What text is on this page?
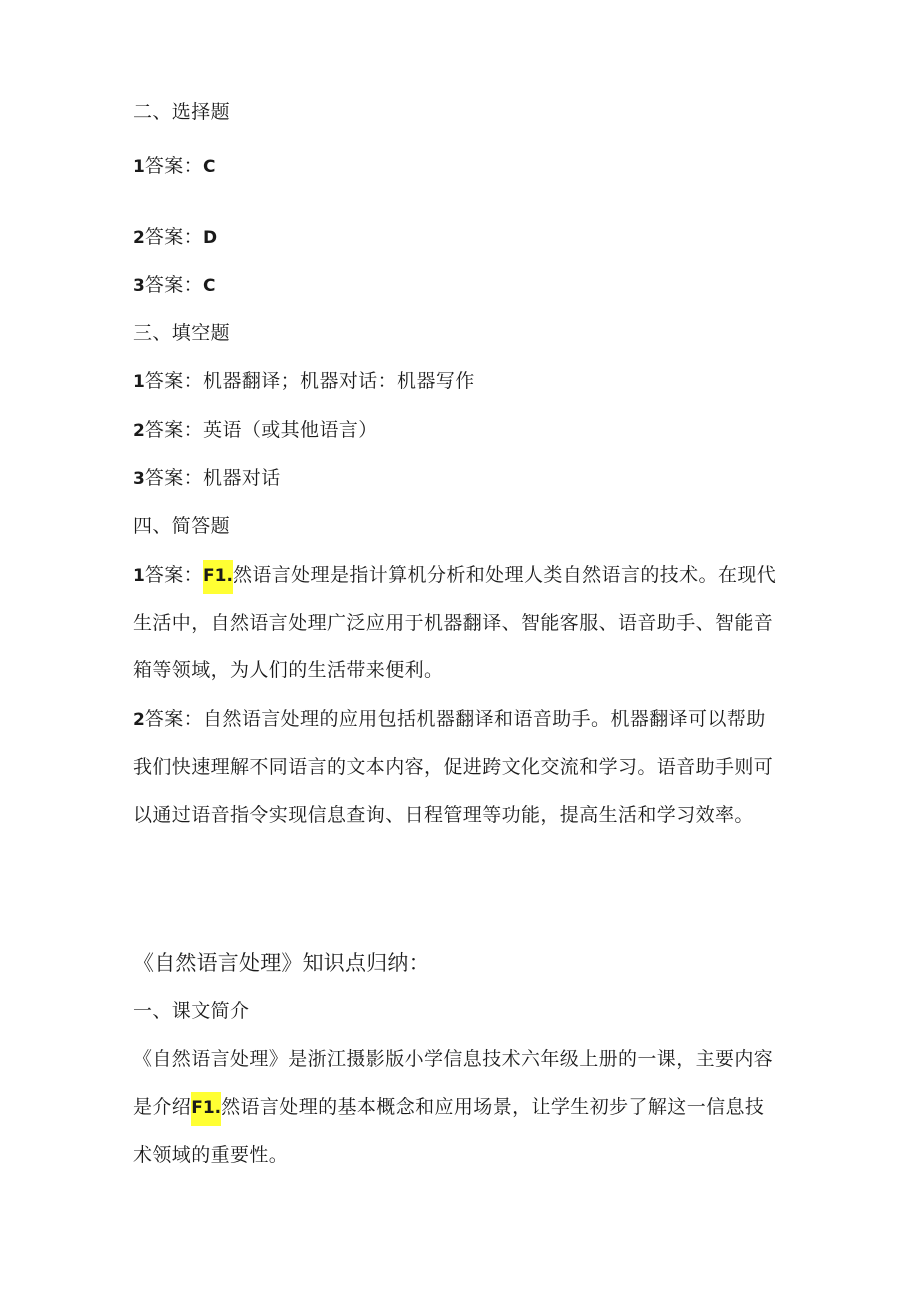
二、选择题
1答案：C
2答案：D
3答案：C
三、填空题
1答案：机器翻译；机器对话：机器写作
2答案：英语（或其他语言）
3答案：机器对话
四、简答题
1答案：F1.然语言处理是指计算机分析和处理人类自然语言的技术。在现代
生活中，自然语言处理广泛应用于机器翻译、智能客服、语音助手、智能音
箱等领域，为人们的生活带来便利。
2答案：自然语言处理的应用包括机器翻译和语音助手。机器翻译可以帮助
我们快速理解不同语言的文本内容，促进跨文化交流和学习。语音助手则可
以通过语音指令实现信息查询、日程管理等功能，提高生活和学习效率。
《自然语言处理》知识点归纳：
一、课文简介
《自然语言处理》是浙江摄影版小学信息技术六年级上册的一课，主要内容
是介绍F1.然语言处理的基本概念和应用场景，让学生初步了解这一信息技
术领域的重要性。
